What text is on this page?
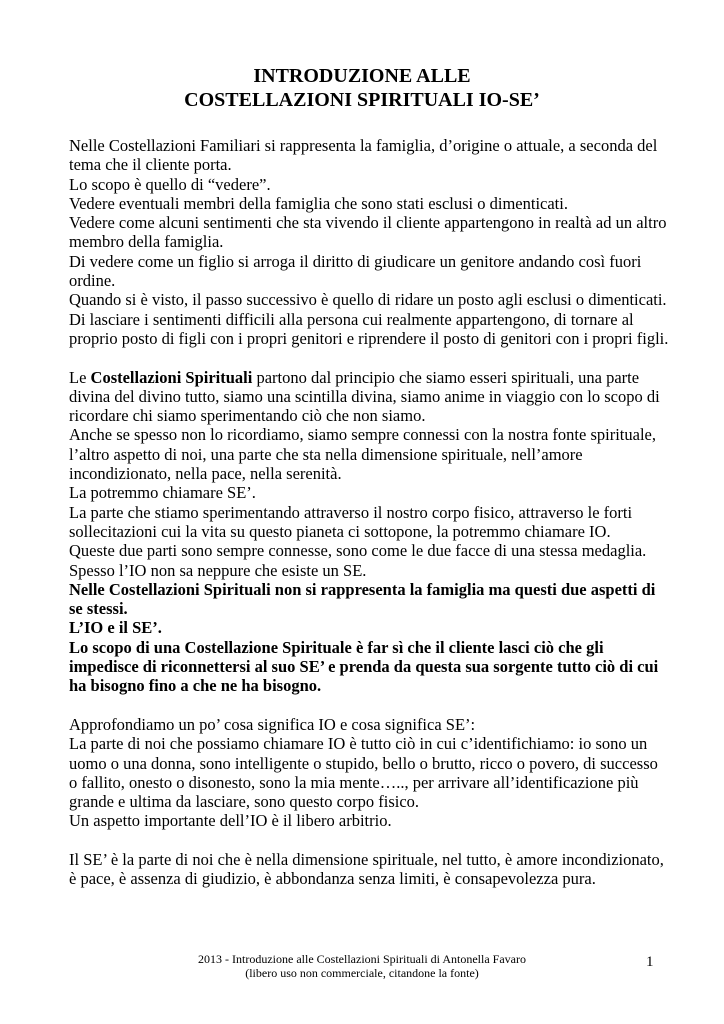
INTRODUZIONE ALLE
COSTELLAZIONI SPIRITUALI IO-SE’

Nelle Costellazioni Familiari si rappresenta la famiglia, d’origine o attuale, a seconda del tema che il cliente porta.

Lo scopo è quello di “vedere”.

Vedere eventuali membri della famiglia che sono stati esclusi o dimenticati.

Vedere come alcuni sentimenti che sta vivendo il cliente appartengono in realtà ad un altro membro della famiglia.

Di vedere come un figlio si arroga il diritto di giudicare un genitore andando così fuori ordine.

Quando si è visto, il passo successivo è quello di ridare un posto agli esclusi o dimenticati. Di lasciare i sentimenti difficili alla persona cui realmente appartengono, di tornare al proprio posto di figli con i propri genitori e riprendere il posto di genitori con i propri figli.

Le Costellazioni Spirituali partono dal principio che siamo esseri spirituali, una parte divina del divino tutto, siamo una scintilla divina, siamo anime in viaggio con lo scopo di ricordare chi siamo sperimentando ciò che non siamo.

Anche se spesso non lo ricordiamo, siamo sempre connessi con la nostra fonte spirituale, l’altro aspetto di noi, una parte che sta nella dimensione spirituale, nell’amore incondizionato, nella pace, nella serenità.

La potremmo chiamare SE’.

La parte che stiamo sperimentando attraverso il nostro corpo fisico, attraverso le forti sollecitazioni cui la vita su questo pianeta ci sottopone, la potremmo chiamare IO.

Queste due parti sono sempre connesse, sono come le due facce di una stessa medaglia. Spesso l’IO non sa neppure che esiste un SE.

Nelle Costellazioni Spirituali non si rappresenta la famiglia ma questi due aspetti di se stessi.

L’IO e il SE’.

Lo scopo di una Costellazione Spirituale è far sì che il cliente lasci ciò che gli impedisce di riconnettersi al suo SE’ e prenda da questa sua sorgente tutto ciò di cui ha bisogno fino a che ne ha bisogno.

Approfondiamo un po’ cosa significa IO e cosa significa SE’:

La parte di noi che possiamo chiamare IO è tutto ciò in cui c’identifichiamo: io sono un uomo o una donna, sono intelligente o stupido, bello o brutto, ricco o povero, di successo o fallito, onesto o disonesto, sono la mia mente….., per arrivare all’identificazione più grande e ultima da lasciare, sono questo corpo fisico.

Un aspetto importante dell’IO è il libero arbitrio.

Il SE’ è la parte di noi che è nella dimensione spirituale, nel tutto, è amore incondizionato, è pace, è assenza di giudizio, è abbondanza senza limiti, è consapevolezza pura.

2013 - Introduzione alle Costellazioni Spirituali di Antonella Favaro
(libero uso non commerciale, citandone la fonte)
1
